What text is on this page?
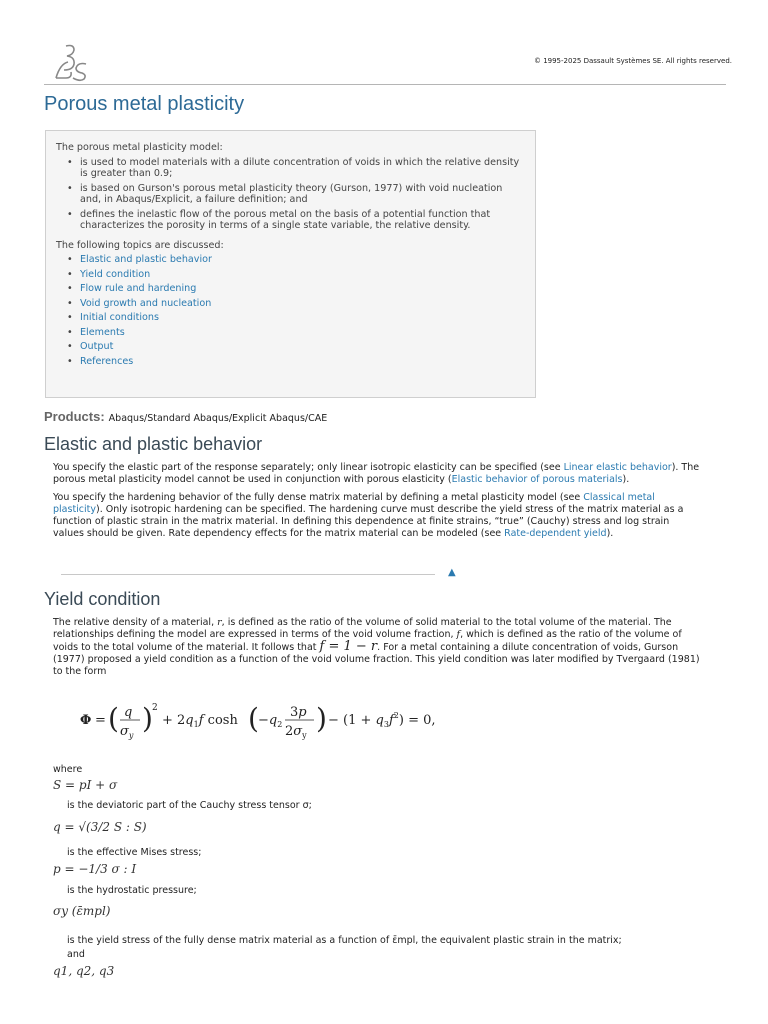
© 1995-2025 Dassault Systèmes SE. All rights reserved.
Porous metal plasticity

The porous metal plasticity model:

• is used to model materials with a dilute concentration of voids in which the relative density is greater than 0.9;
• is based on Gurson's porous metal plasticity theory (Gurson, 1977) with void nucleation and, in Abaqus/Explicit, a failure definition; and
• defines the inelastic flow of the porous metal on the basis of a potential function that characterizes the porosity in terms of a single state variable, the relative density.

The following topics are discussed:

• Elastic and plastic behavior
• Yield condition
• Flow rule and hardening
• Void growth and nucleation
• Initial conditions
• Elements
• Output
• References
Products: Abaqus/Standard Abaqus/Explicit Abaqus/CAE
Elastic and plastic behavior

You specify the elastic part of the response separately; only linear isotropic elasticity can be specified (see Linear elastic behavior). The porous metal plasticity model cannot be used in conjunction with porous elasticity (Elastic behavior of porous materials).

You specify the hardening behavior of the fully dense matrix material by defining a metal plasticity model (see Classical metal plasticity). Only isotropic hardening can be specified. The hardening curve must describe the yield stress of the matrix material as a function of plastic strain in the matrix material. In defining this dependence at finite strains, “true” (Cauchy) stress and log strain values should be given. Rate dependency effects for the matrix material can be modeled (see Rate-dependent yield).

▲
Yield condition

The relative density of a material, r, is defined as the ratio of the volume of solid material to the total volume of the material. The relationships defining the model are expressed in terms of the void volume fraction, f, which is defined as the ratio of the volume of voids to the total volume of the material. It follows that f = 1 − r. For a metal containing a dilute concentration of voids, Gurson (1977) proposed a yield condition as a function of the void volume fraction. This yield condition was later modified by Tvergaard (1981) to the form

Φ = ( q
$\sigma_y$
) 2
+ $2q_1f$ cosh ( $-q_2$
3p
$2\sigma_y$
) − $(1 + q_3f^2) = 0$,
where
S = pI + σ
is the deviatoric part of the Cauchy stress tensor σ;
q = √(3/2 S : S)
is the effective Mises stress;
p = −1/3 σ : I
is the hydrostatic pressure;
σy (ε̄mpl)
is the yield stress of the fully dense matrix material as a function of ε̄mpl, the equivalent plastic strain in the matrix;
and
q1, q2, q3
